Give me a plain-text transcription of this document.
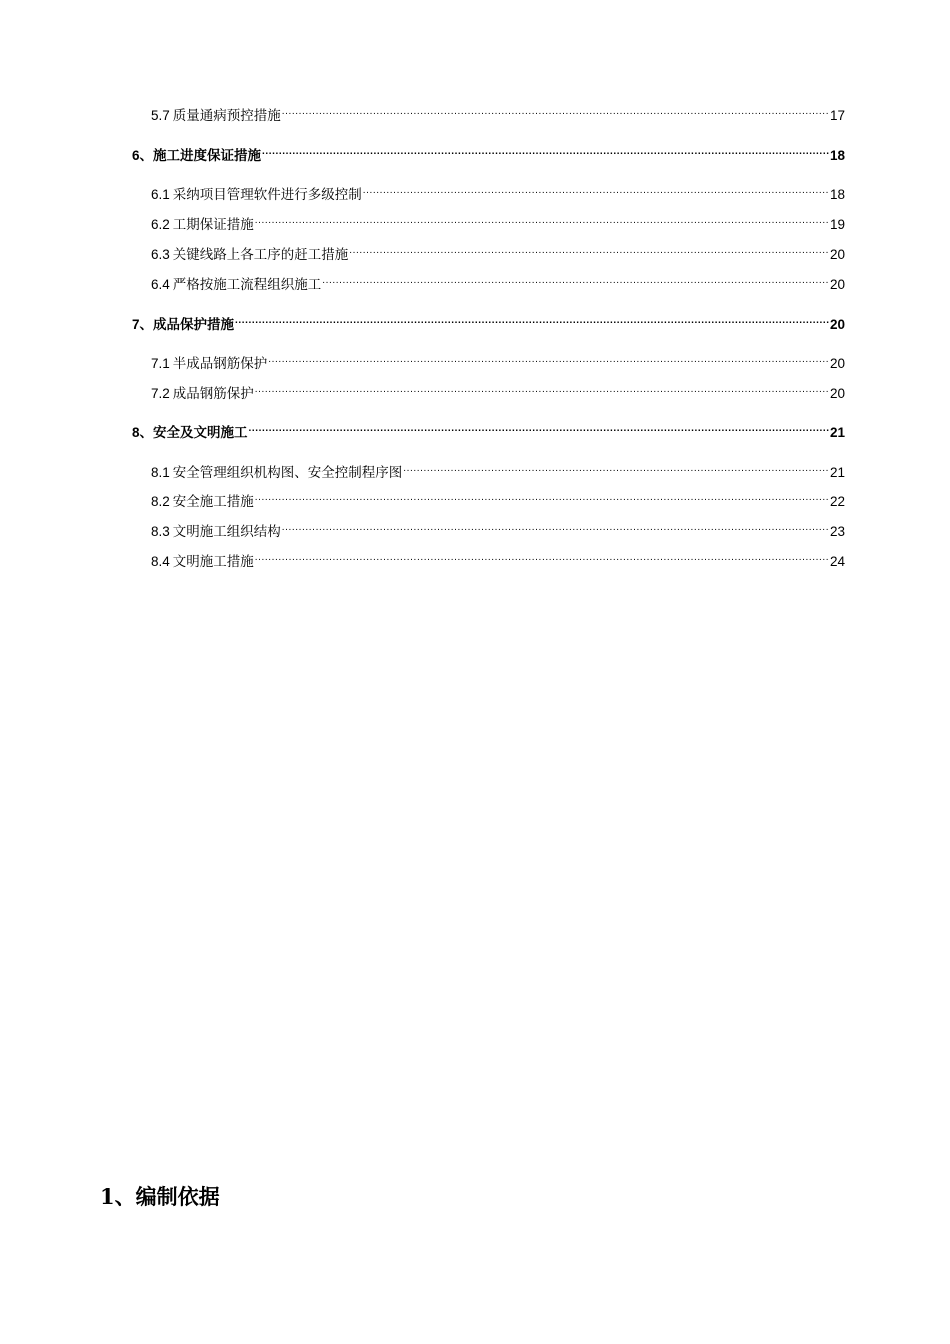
5.7 质量通病预控措施 .....	17
6、 施工进度保证措施 .....	18
6.1 采纳项目管理软件进行多级控制 .....	18
6.2 工期保证措施 .....	19
6.3 关键线路上各工序的赶工措施 .....	20
6.4 严格按施工流程组织施工 .....	20
7、 成品保护措施 .....	20
7.1 半成品钢筋保护 .....	20
7.2 成品钢筋保护 .....	20
8、 安全及文明施工 .....	21
8.1 安全管理组织机构图、安全控制程序图 .....	21
8.2 安全施工措施 .....	22
8.3 文明施工组织结构 .....	23
8.4 文明施工措施 .....	24
1、编制依据
